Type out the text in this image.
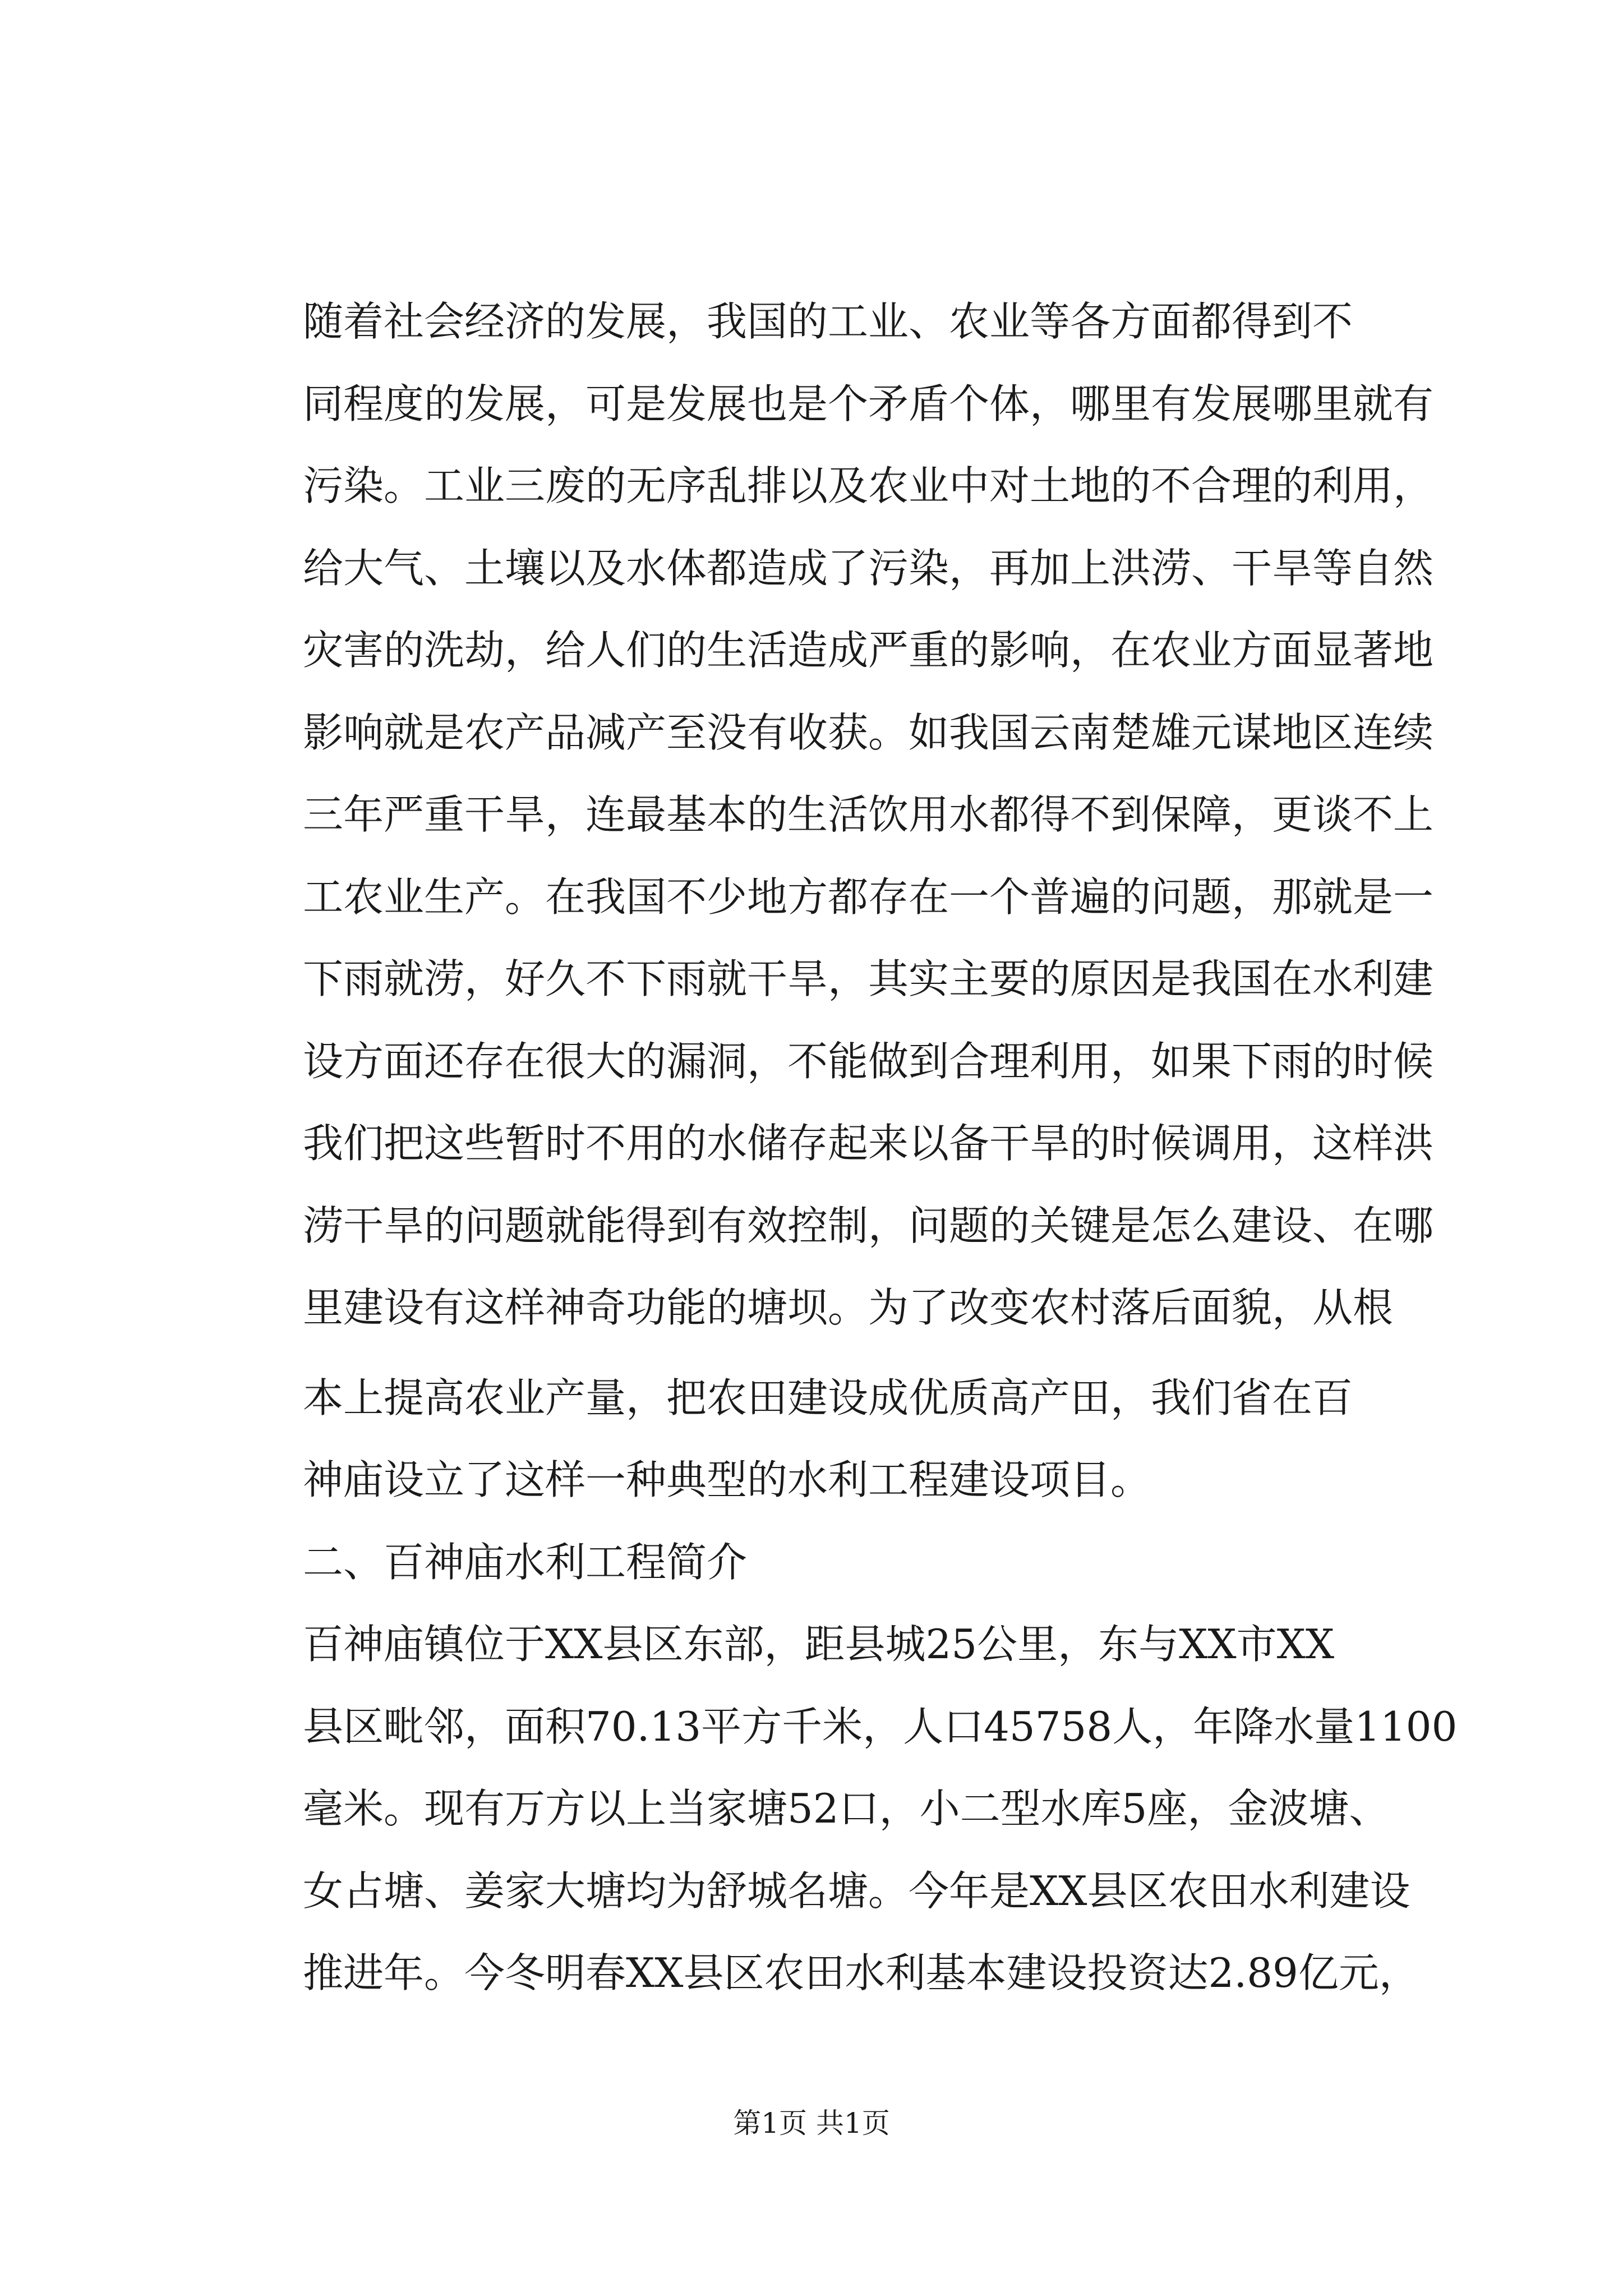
随着社会经济的发展，我国的工业、农业等各方面都得到不
同程度的发展，可是发展也是个矛盾个体，哪里有发展哪里就有
污染。工业三废的无序乱排以及农业中对土地的不合理的利用，
给大气、土壤以及水体都造成了污染，再加上洪涝、干旱等自然
灾害的洗劫，给人们的生活造成严重的影响，在农业方面显著地
影响就是农产品减产至没有收获。如我国云南楚雄元谋地区连续
三年严重干旱，连最基本的生活饮用水都得不到保障，更谈不上
工农业生产。在我国不少地方都存在一个普遍的问题，那就是一
下雨就涝，好久不下雨就干旱，其实主要的原因是我国在水利建
设方面还存在很大的漏洞，不能做到合理利用，如果下雨的时候
我们把这些暂时不用的水储存起来以备干旱的时候调用，这样洪
涝干旱的问题就能得到有效控制，问题的关键是怎么建设、在哪
里建设有这样神奇功能的塘坝。为了改变农村落后面貌，从根
本上提高农业产量，把农田建设成优质高产田，我们省在百
神庙设立了这样一种典型的水利工程建设项目。
二、百神庙水利工程简介
百神庙镇位于XX县区东部，距县城25公里，东与XX市XX
县区毗邻，面积70.13平方千米，人口45758人，年降水量1100
毫米。现有万方以上当家塘52口，小二型水库5座，金波塘、
女占塘、姜家大塘均为舒城名塘。今年是XX县区农田水利建设
推进年。今冬明春XX县区农田水利基本建设投资达2.89亿元，
第1页 共1页
